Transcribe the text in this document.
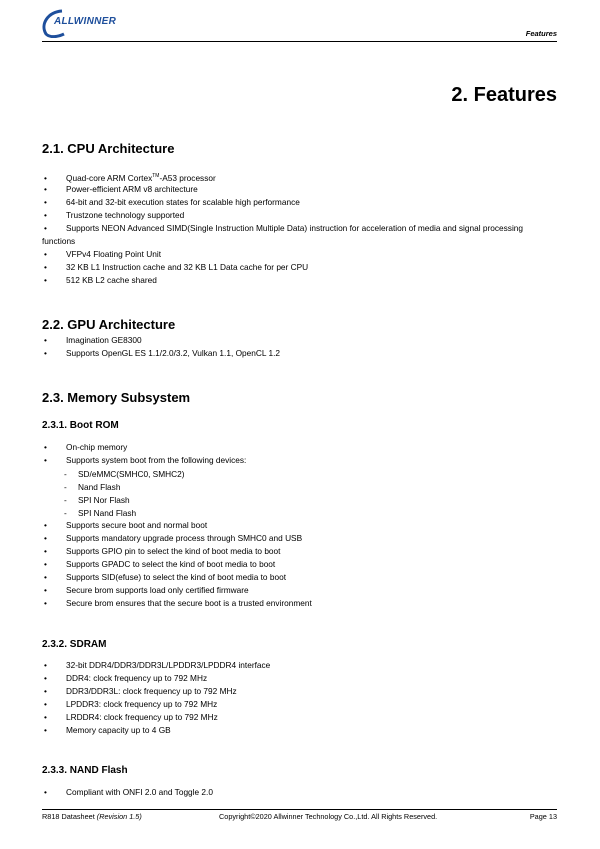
ALLWINNER
Features
2. Features
2.1. CPU Architecture
• Quad-core ARM Cortex™-A53 processor
• Power-efficient ARM v8 architecture
• 64-bit and 32-bit execution states for scalable high performance
• Trustzone technology supported
• Supports NEON Advanced SIMD(Single Instruction Multiple Data) instruction for acceleration of media and signal processing functions
• VFPv4 Floating Point Unit
• 32 KB L1 Instruction cache and 32 KB L1 Data cache for per CPU
• 512 KB L2 cache shared
2.2. GPU Architecture
• Imagination GE8300
• Supports OpenGL ES 1.1/2.0/3.2, Vulkan 1.1, OpenCL 1.2
2.3. Memory Subsystem
2.3.1. Boot ROM
• On-chip memory
• Supports system boot from the following devices:
- SD/eMMC(SMHC0, SMHC2)
- Nand Flash
- SPI Nor Flash
- SPI Nand Flash
• Supports secure boot and normal boot
• Supports mandatory upgrade process through SMHC0 and USB
• Supports GPIO pin to select the kind of boot media to boot
• Supports GPADC to select the kind of boot media to boot
• Supports SID(efuse) to select the kind of boot media to boot
• Secure brom supports load only certified firmware
• Secure brom ensures that the secure boot is a trusted environment
2.3.2. SDRAM
• 32-bit DDR4/DDR3/DDR3L/LPDDR3/LPDDR4 interface
• DDR4: clock frequency up to 792 MHz
• DDR3/DDR3L: clock frequency up to 792 MHz
• LPDDR3: clock frequency up to 792 MHz
• LRDDR4: clock frequency up to 792 MHz
• Memory capacity up to 4 GB
2.3.3. NAND Flash
• Compliant with ONFI 2.0 and Toggle 2.0
R818 Datasheet (Revision 1.5)	Copyright©2020 Allwinner Technology Co.,Ltd. All Rights Reserved.	Page 13
